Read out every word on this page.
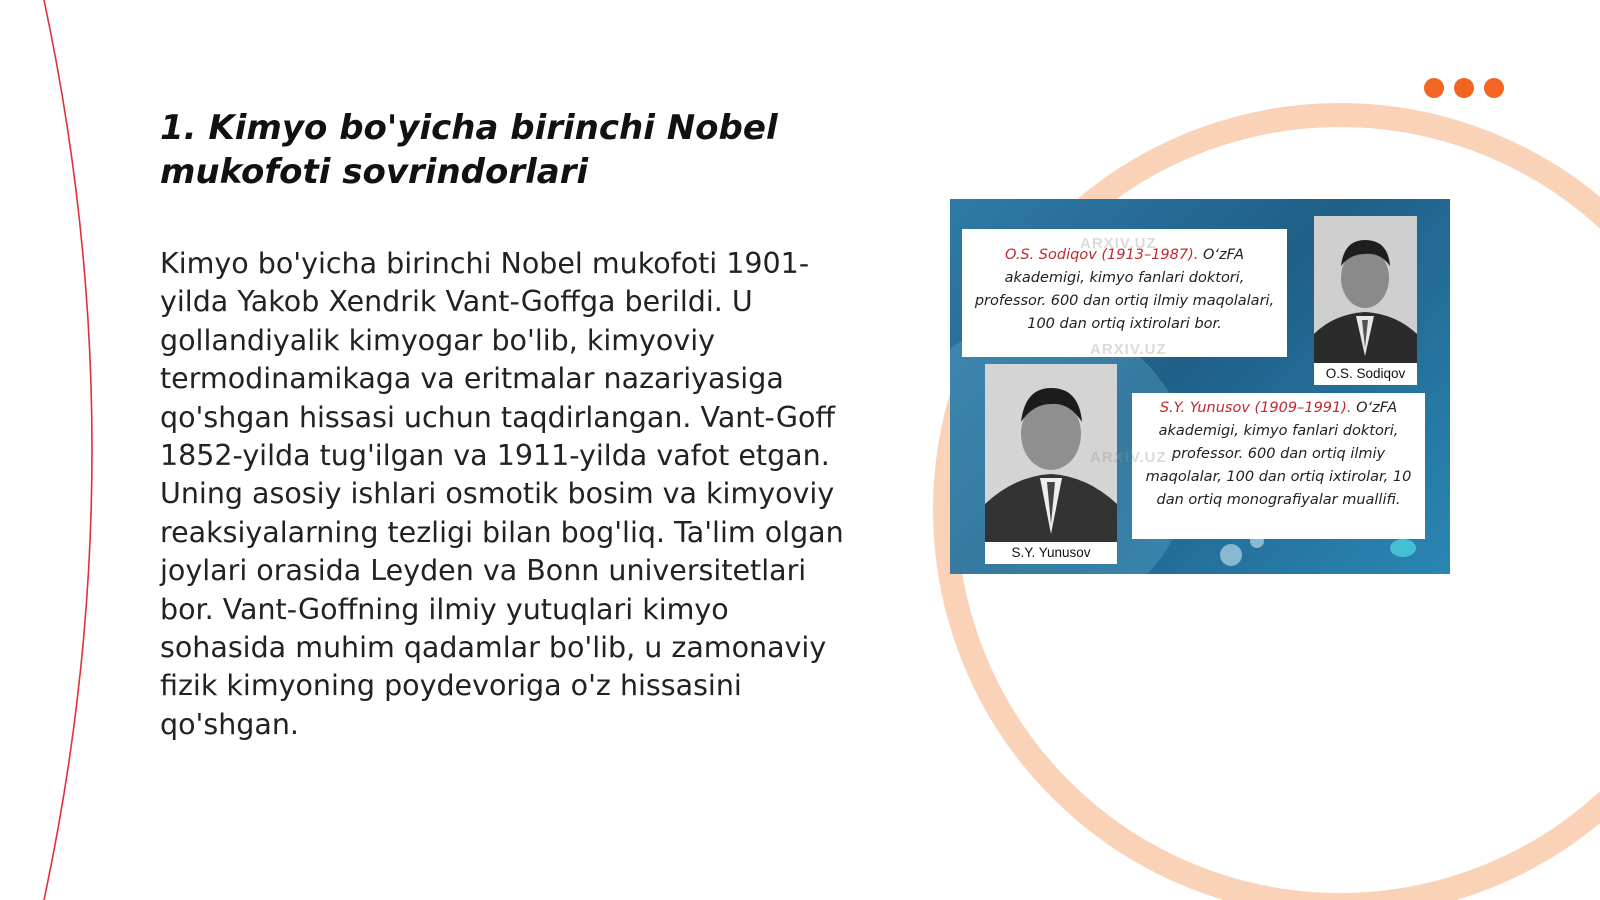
1. Kimyo bo'yicha birinchi Nobel mukofoti sovrindorlari

Kimyo bo'yicha birinchi Nobel mukofoti 1901-yilda Yakob Xendrik Vant-Goffga berildi. U gollandiyalik kimyogar bo'lib, kimyoviy termodinamikaga va eritmalar nazariyasiga qo'shgan hissasi uchun taqdirlangan. Vant-Goff 1852-yilda tug'ilgan va 1911-yilda vafot etgan. Uning asosiy ishlari osmotik bosim va kimyoviy reaksiyalarning tezligi bilan bog'liq. Ta'lim olgan joylari orasida Leyden va Bonn universitetlari bor. Vant-Goffning ilmiy yutuqlari kimyo sohasida muhim qadamlar bo'lib, u zamonaviy fizik kimyoning poydevoriga o'z hissasini qo'shgan.

O.S. Sodiqov (1913–1987). O‘zFA akademigi, kimyo fanlari doktori, professor. 600 dan ortiq ilmiy maqolalari, 100 dan ortiq ixtirolari bor.
O.S. Sodiqov
S.Y. Yunusov
S.Y. Yunusov (1909–1991). O‘zFA akademigi, kimyo fanlari doktori, professor. 600 dan ortiq ilmiy maqolalar, 100 dan ortiq ixtirolar, 10 dan ortiq monografiyalar muallifi.
ARXIV.UZ
ARXIV.UZ
ARXIV.UZ
